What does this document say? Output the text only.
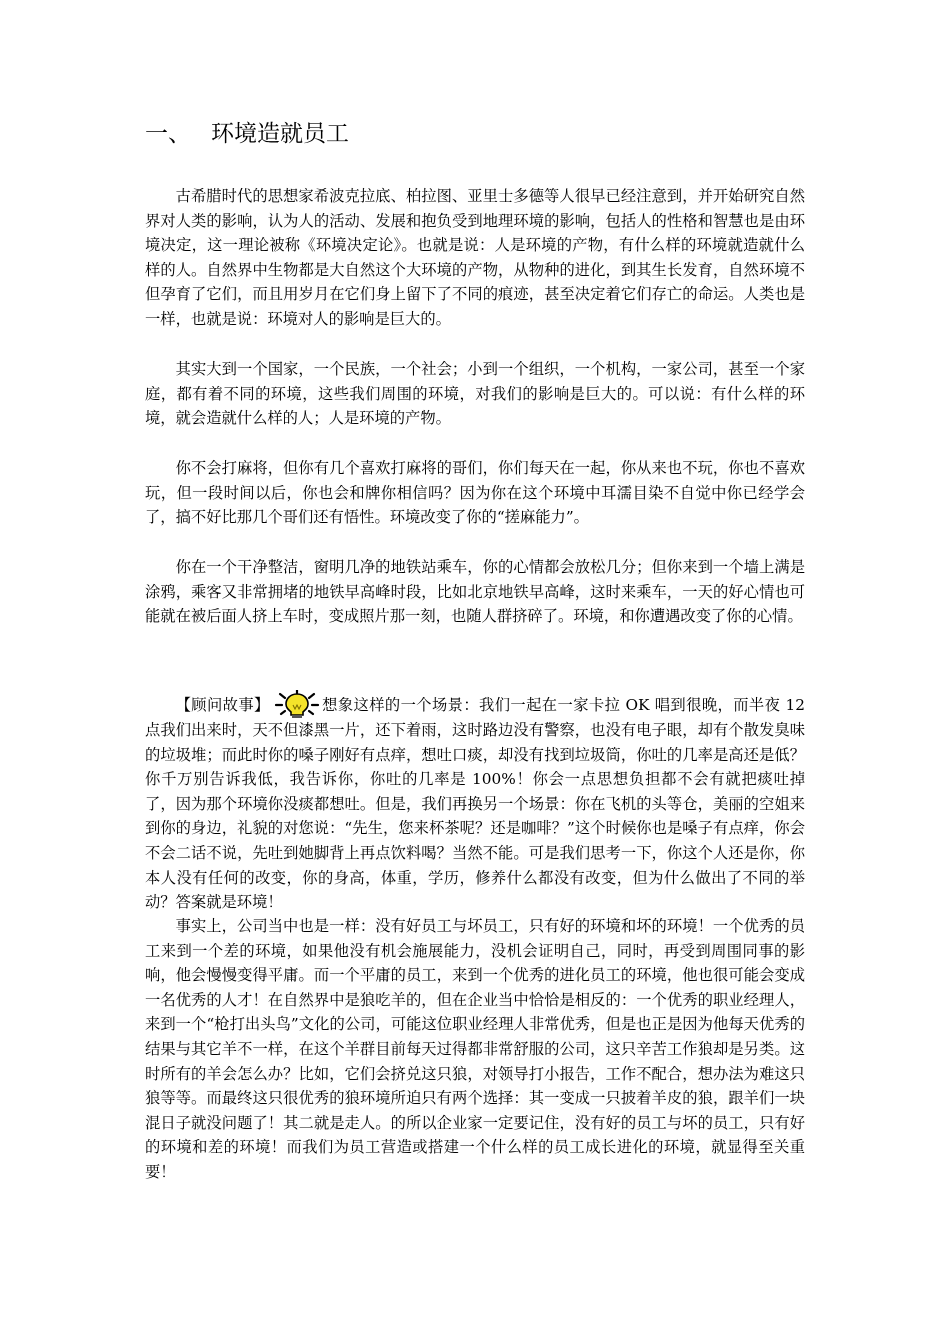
一、 环境造就员工

古希腊时代的思想家希波克拉底、柏拉图、亚里士多德等人很早已经注意到，并开始研究自然界对人类的影响，认为人的活动、发展和抱负受到地理环境的影响，包括人的性格和智慧也是由环境决定，这一理论被称《环境决定论》。也就是说：人是环境的产物，有什么样的环境就造就什么样的人。自然界中生物都是大自然这个大环境的产物，从物种的进化，到其生长发育，自然环境不但孕育了它们，而且用岁月在它们身上留下了不同的痕迹，甚至决定着它们存亡的命运。人类也是一样，也就是说：环境对人的影响是巨大的。

其实大到一个国家，一个民族，一个社会；小到一个组织，一个机构，一家公司，甚至一个家庭，都有着不同的环境，这些我们周围的环境，对我们的影响是巨大的。可以说：有什么样的环境，就会造就什么样的人；人是环境的产物。

你不会打麻将，但你有几个喜欢打麻将的哥们，你们每天在一起，你从来也不玩，你也不喜欢玩，但一段时间以后，你也会和牌你相信吗？因为你在这个环境中耳濡目染不自觉中你已经学会了，搞不好比那几个哥们还有悟性。环境改变了你的“搓麻能力”。

你在一个干净整洁，窗明几净的地铁站乘车，你的心情都会放松几分；但你来到一个墙上满是涂鸦，乘客又非常拥堵的地铁早高峰时段，比如北京地铁早高峰，这时来乘车，一天的好心情也可能就在被后面人挤上车时，变成照片那一刻，也随人群挤碎了。环境，和你遭遇改变了你的心情。

【顾问故事】	想象这样的一个场景：我们一起在一家卡拉 OK 唱到很晚，而半夜 12 点我们出来时，天不但漆黑一片，还下着雨，这时路边没有警察，也没有电子眼，却有个散发臭味的垃圾堆；而此时你的嗓子刚好有点痒，想吐口痰，却没有找到垃圾筒，你吐的几率是高还是低？你千万别告诉我低，我告诉你，你吐的几率是 100%！你会一点思想负担都不会有就把痰吐掉了，因为那个环境你没痰都想吐。但是，我们再换另一个场景：你在飞机的头等仓，美丽的空姐来到你的身边，礼貌的对您说：“先生，您来杯茶呢？还是咖啡？”这个时候你也是嗓子有点痒，你会不会二话不说，先吐到她脚背上再点饮料喝？当然不能。可是我们思考一下，你这个人还是你，你本人没有任何的改变，你的身高，体重，学历，修养什么都没有改变，但为什么做出了不同的举动？答案就是环境！

事实上，公司当中也是一样：没有好员工与坏员工，只有好的环境和坏的环境！一个优秀的员工来到一个差的环境，如果他没有机会施展能力，没机会证明自己，同时，再受到周围同事的影响，他会慢慢变得平庸。而一个平庸的员工，来到一个优秀的进化员工的环境，他也很可能会变成一名优秀的人才！在自然界中是狼吃羊的，但在企业当中恰恰是相反的：一个优秀的职业经理人，来到一个“枪打出头鸟”文化的公司，可能这位职业经理人非常优秀，但是也正是因为他每天优秀的结果与其它羊不一样，在这个羊群目前每天过得都非常舒服的公司，这只辛苦工作狼却是另类。这时所有的羊会怎么办？比如，它们会挤兑这只狼，对领导打小报告，工作不配合，想办法为难这只狼等等。而最终这只很优秀的狼环境所迫只有两个选择：其一变成一只披着羊皮的狼，跟羊们一块混日子就没问题了！其二就是走人。的所以企业家一定要记住，没有好的员工与坏的员工，只有好的环境和差的环境！而我们为员工营造或搭建一个什么样的员工成长进化的环境，就显得至关重要！
